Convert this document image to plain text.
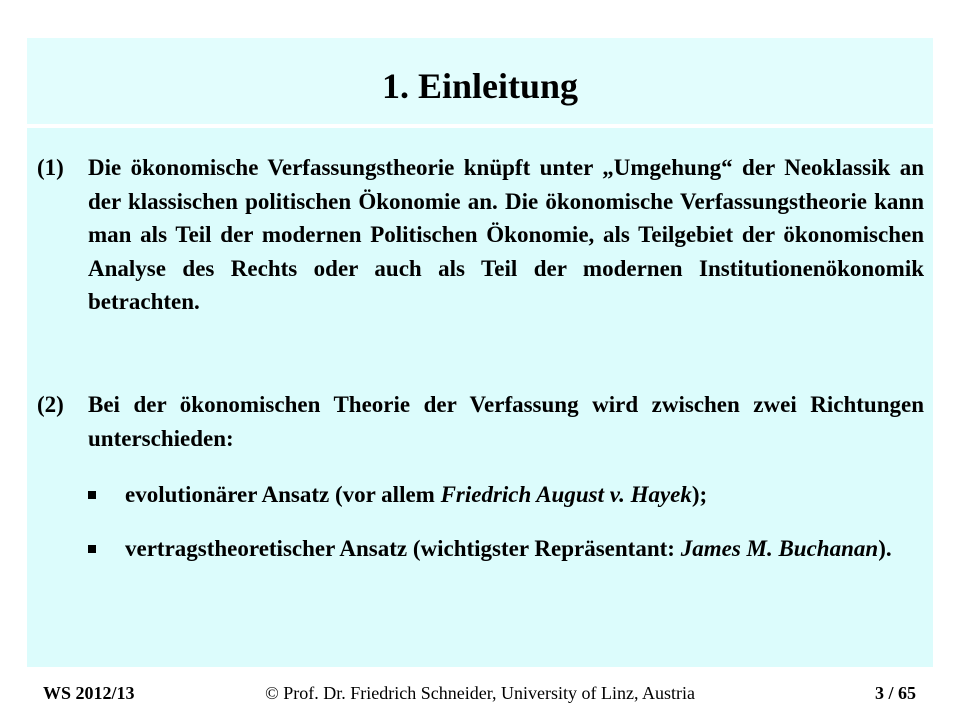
1. Einleitung
(1) Die ökonomische Verfassungstheorie knüpft unter „Umgehung“ der Neoklassik an der klassischen politischen Ökonomie an. Die ökonomische Verfassungstheorie kann man als Teil der modernen Politischen Ökonomie, als Teilgebiet der ökonomischen Analyse des Rechts oder auch als Teil der modernen Institutionenökonomik betrachten.
(2) Bei der ökonomischen Theorie der Verfassung wird zwischen zwei Richtungen unterschieden:
evolutionärer Ansatz (vor allem Friedrich August v. Hayek);
vertragstheoretischer Ansatz (wichtigster Repräsentant: James M. Buchanan).
WS 2012/13	© Prof. Dr. Friedrich Schneider, University of Linz, Austria	3 / 65
